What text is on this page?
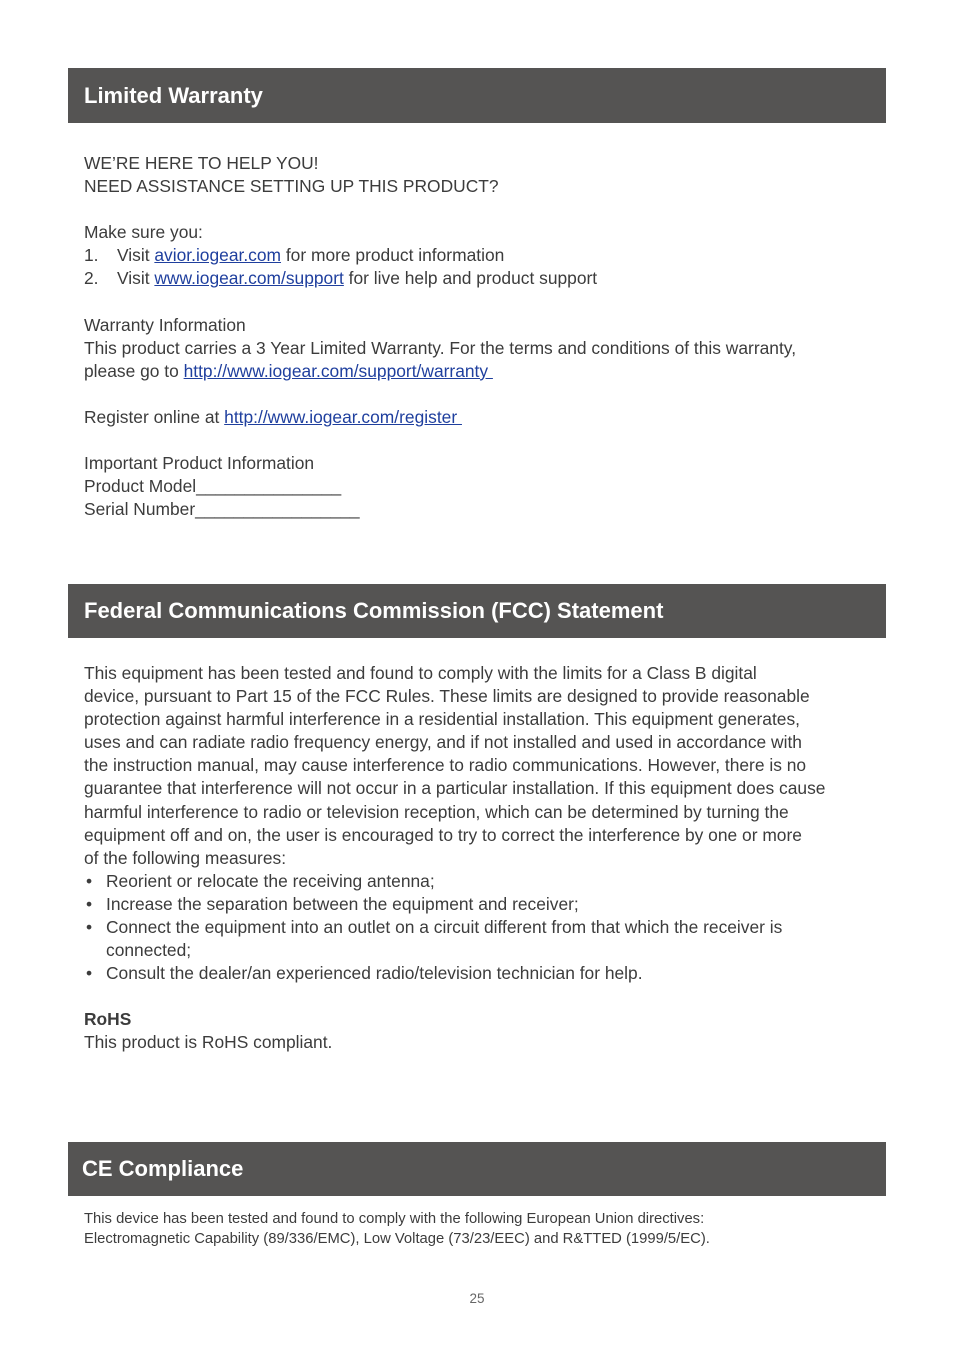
Limited Warranty
WE’RE HERE TO HELP YOU!
NEED ASSISTANCE SETTING UP THIS PRODUCT?
Make sure you:
1. Visit avior.iogear.com for more product information
2. Visit www.iogear.com/support for live help and product support
Warranty Information
This product carries a 3 Year Limited Warranty. For the terms and conditions of this warranty,
please go to http://www.iogear.com/support/warranty
Register online at http://www.iogear.com/register
Important Product Information
Product Model_______________
Serial Number_________________
Federal Communications Commission (FCC) Statement
This equipment has been tested and found to comply with the limits for a Class B digital
device, pursuant to Part 15 of the FCC Rules. These limits are designed to provide reasonable
protection against harmful interference in a residential installation. This equipment generates,
uses and can radiate radio frequency energy, and if not installed and used in accordance with
the instruction manual, may cause interference to radio communications. However, there is no
guarantee that interference will not occur in a particular installation. If this equipment does cause
harmful interference to radio or television reception, which can be determined by turning the
equipment off and on, the user is encouraged to try to correct the interference by one or more
of the following measures:
• Reorient or relocate the receiving antenna;
• Increase the separation between the equipment and receiver;
• Connect the equipment into an outlet on a circuit different from that which the receiver is
connected;
• Consult the dealer/an experienced radio/television technician for help.
RoHS
This product is RoHS compliant.
CE Compliance
This device has been tested and found to comply with the following European Union directives:
Electromagnetic Capability (89/336/EMC), Low Voltage (73/23/EEC) and R&TTED (1999/5/EC).
25
